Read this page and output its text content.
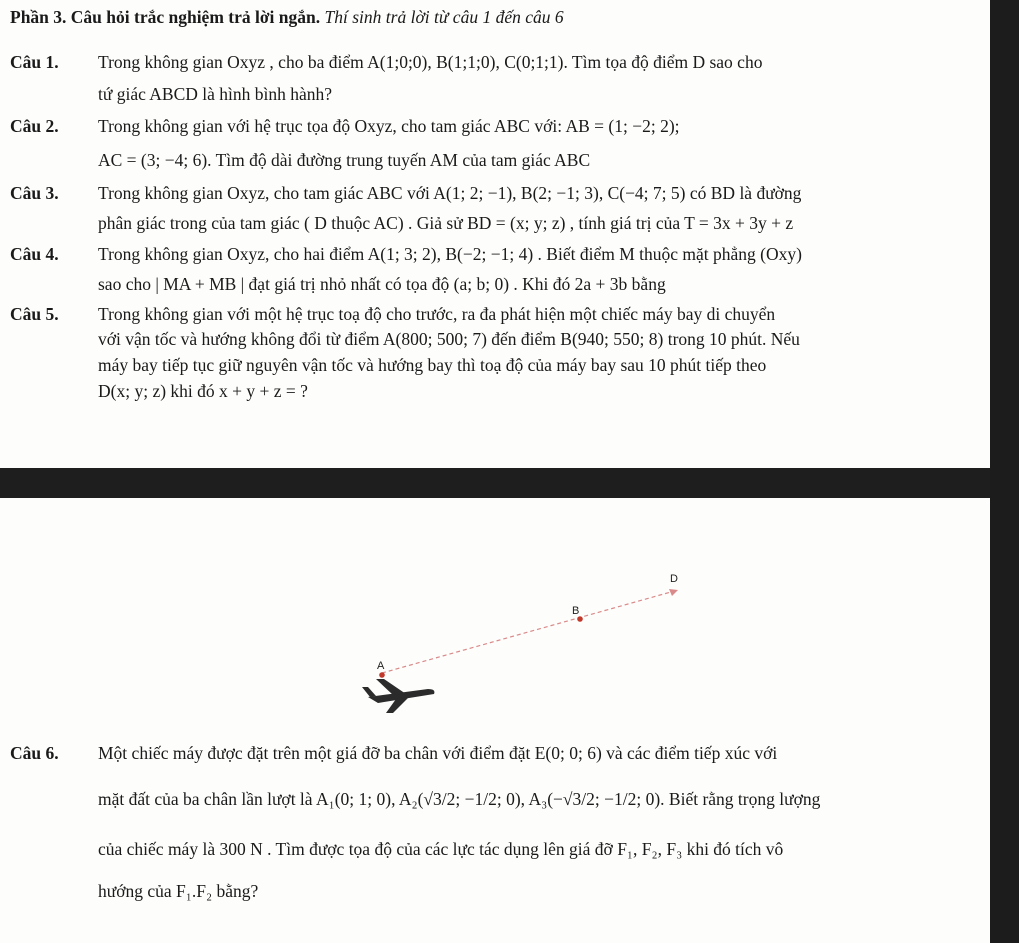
Phần 3. Câu hỏi trắc nghiệm trả lời ngắn. Thí sinh trả lời từ câu 1 đến câu 6
Câu 1. Trong không gian Oxyz , cho ba điểm A(1;0;0), B(1;1;0), C(0;1;1). Tìm tọa độ điểm D sao cho
tứ giác ABCD là hình bình hành?
Câu 2. Trong không gian với hệ trục tọa độ Oxyz, cho tam giác ABC với: AB = (1; −2; 2);
AC = (3; −4; 6). Tìm độ dài đường trung tuyến AM của tam giác ABC
Câu 3. Trong không gian Oxyz, cho tam giác ABC với A(1; 2; −1), B(2; −1; 3), C(−4; 7; 5) có BD là đường
phân giác trong của tam giác ( D thuộc AC) . Giả sử BD = (x; y; z) , tính giá trị của T = 3x + 3y + z
Câu 4. Trong không gian Oxyz, cho hai điểm A(1; 3; 2), B(−2; −1; 4) . Biết điểm M thuộc mặt phẳng (Oxy)
sao cho | MA + MB | đạt giá trị nhỏ nhất có tọa độ (a; b; 0) . Khi đó 2a + 3b bằng
Câu 5. Trong không gian với một hệ trục toạ độ cho trước, ra đa phát hiện một chiếc máy bay di chuyển
với vận tốc và hướng không đổi từ điểm A(800; 500; 7) đến điểm B(940; 550; 8) trong 10 phút. Nếu
máy bay tiếp tục giữ nguyên vận tốc và hướng bay thì toạ độ của máy bay sau 10 phút tiếp theo
D(x; y; z) khi đó x + y + z = ?
D
B
A
Câu 6. Một chiếc máy được đặt trên một giá đỡ ba chân với điểm đặt E(0; 0; 6) và các điểm tiếp xúc với
mặt đất của ba chân lần lượt là A₁(0; 1; 0), A₂(√3/2; −1/2; 0), A₃(−√3/2; −1/2; 0). Biết rằng trọng lượng
của chiếc máy là 300 N . Tìm được tọa độ của các lực tác dụng lên giá đỡ F₁, F₂, F₃ khi đó tích vô
hướng của F₁.F₂ bằng?
